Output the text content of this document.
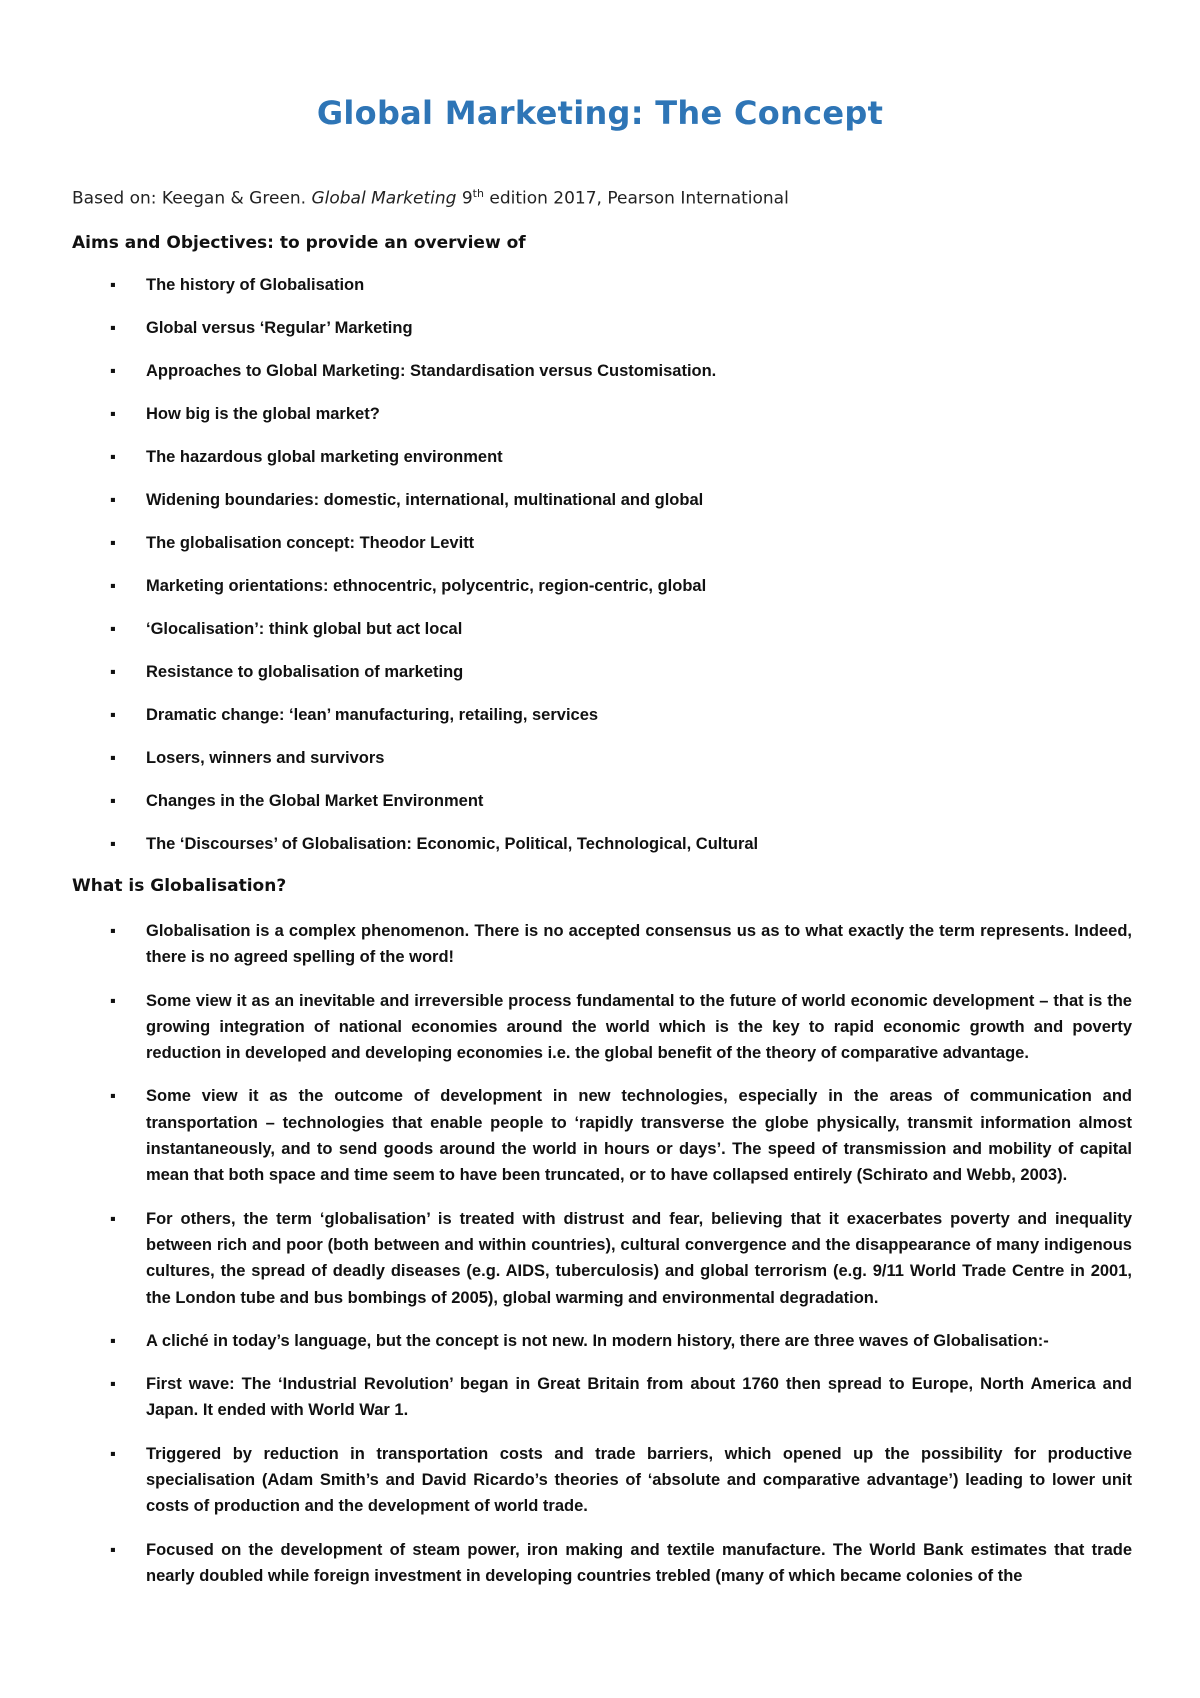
Global Marketing: The Concept
Based on: Keegan & Green. Global Marketing 9th edition 2017, Pearson International
Aims and Objectives: to provide an overview of
▪ The history of Globalisation
▪ Global versus ‘Regular’ Marketing
▪ Approaches to Global Marketing: Standardisation versus Customisation.
▪ How big is the global market?
▪ The hazardous global marketing environment
▪ Widening boundaries: domestic, international, multinational and global
▪ The globalisation concept: Theodor Levitt
▪ Marketing orientations: ethnocentric, polycentric, region-centric, global
▪ ‘Glocalisation’: think global but act local
▪ Resistance to globalisation of marketing
▪ Dramatic change: ‘lean’ manufacturing, retailing, services
▪ Losers, winners and survivors
▪ Changes in the Global Market Environment
▪ The ‘Discourses’ of Globalisation: Economic, Political, Technological, Cultural
What is Globalisation?
▪ Globalisation is a complex phenomenon. There is no accepted consensus us as to what exactly the term represents. Indeed, there is no agreed spelling of the word!
▪ Some view it as an inevitable and irreversible process fundamental to the future of world economic development – that is the growing integration of national economies around the world which is the key to rapid economic growth and poverty reduction in developed and developing economies i.e. the global benefit of the theory of comparative advantage.
▪ Some view it as the outcome of development in new technologies, especially in the areas of communication and transportation – technologies that enable people to ‘rapidly transverse the globe physically, transmit information almost instantaneously, and to send goods around the world in hours or days’. The speed of transmission and mobility of capital mean that both space and time seem to have been truncated, or to have collapsed entirely (Schirato and Webb, 2003).
▪ For others, the term ‘globalisation’ is treated with distrust and fear, believing that it exacerbates poverty and inequality between rich and poor (both between and within countries), cultural convergence and the disappearance of many indigenous cultures, the spread of deadly diseases (e.g. AIDS, tuberculosis) and global terrorism (e.g. 9/11 World Trade Centre in 2001, the London tube and bus bombings of 2005), global warming and environmental degradation.
▪ A cliché in today’s language, but the concept is not new. In modern history, there are three waves of Globalisation:-
▪ First wave: The ‘Industrial Revolution’ began in Great Britain from about 1760 then spread to Europe, North America and Japan. It ended with World War 1.
▪ Triggered by reduction in transportation costs and trade barriers, which opened up the possibility for productive specialisation (Adam Smith’s and David Ricardo’s theories of ‘absolute and comparative advantage’) leading to lower unit costs of production and the development of world trade.
▪ Focused on the development of steam power, iron making and textile manufacture. The World Bank estimates that trade nearly doubled while foreign investment in developing countries trebled (many of which became colonies of the
